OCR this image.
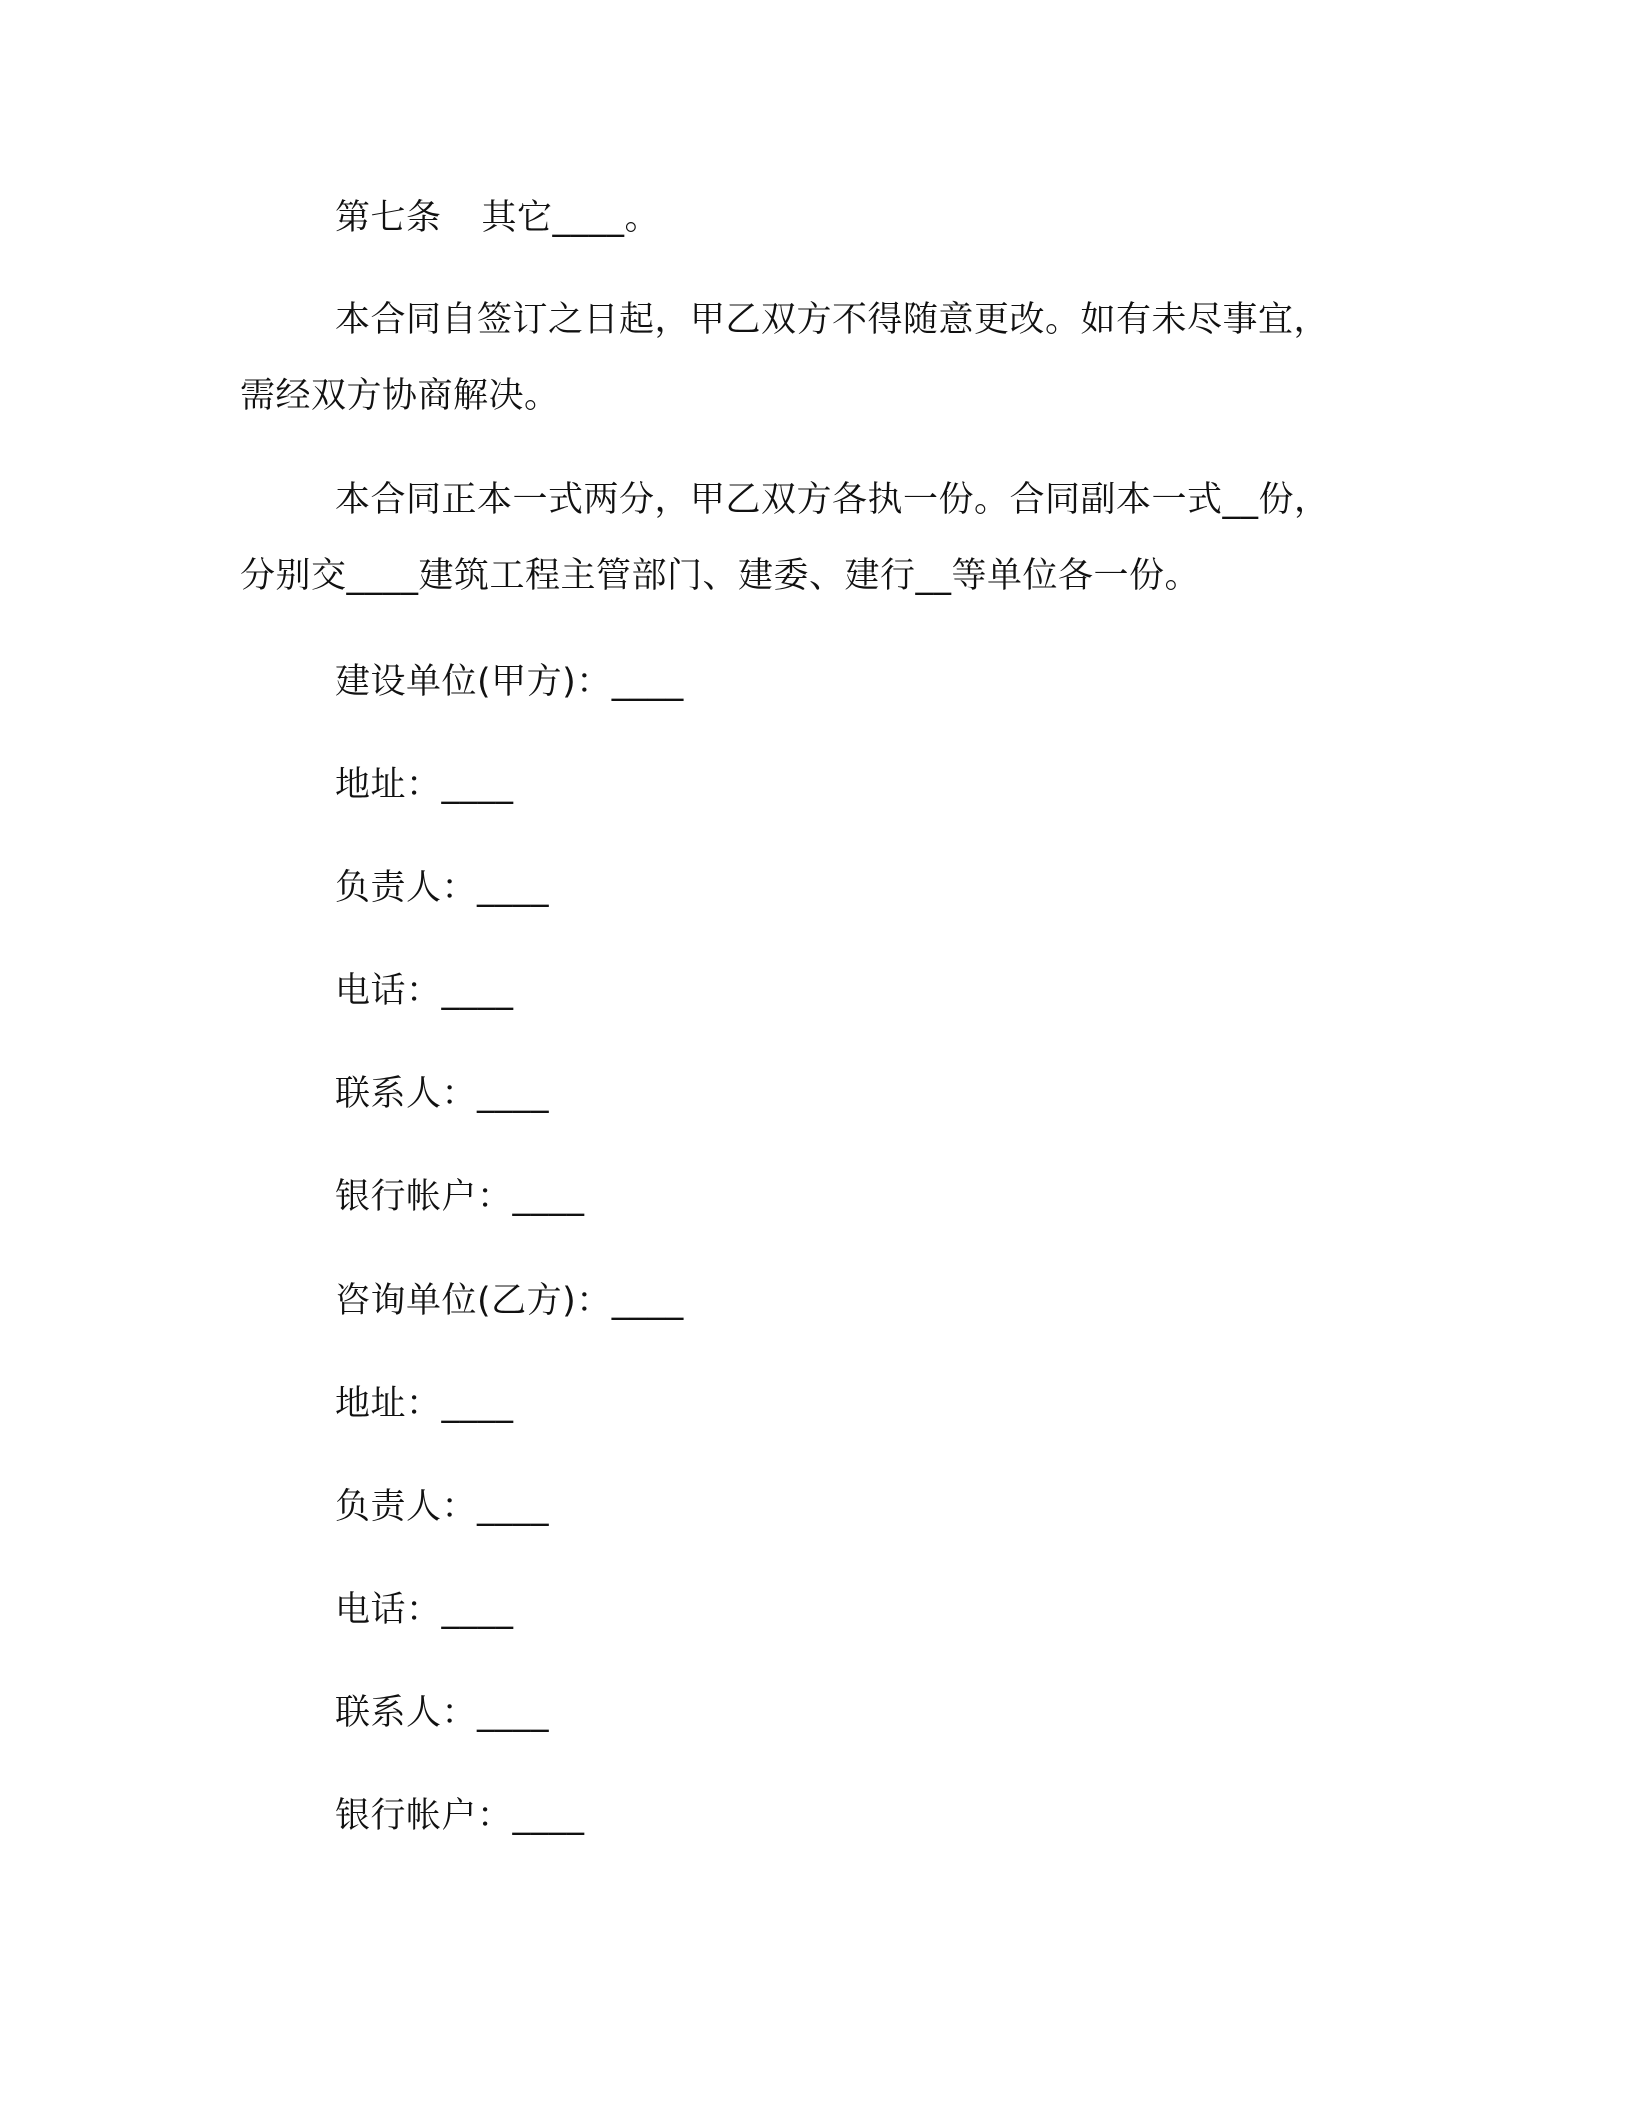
第七条 其它____。
本合同自签订之日起，甲乙双方不得随意更改。如有未尽事宜，
需经双方协商解决。
本合同正本一式两分，甲乙双方各执一份。合同副本一式__份，
分别交____建筑工程主管部门、建委、建行__等单位各一份。
建设单位(甲方)：____
地址：____
负责人：____
电话：____
联系人：____
银行帐户：____
咨询单位(乙方)：____
地址：____
负责人：____
电话：____
联系人：____
银行帐户：____
